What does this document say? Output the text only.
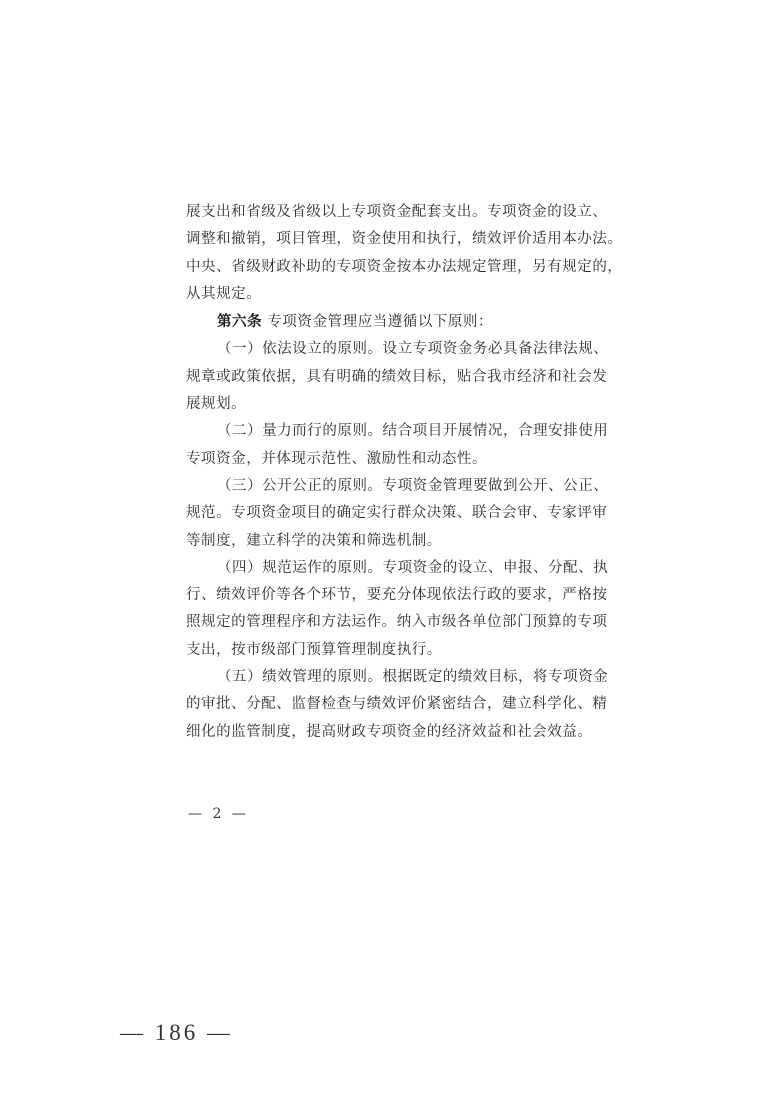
展支出和省级及省级以上专项资金配套支出。专项资金的设立、
调整和撤销，项目管理，资金使用和执行，绩效评价适用本办法。
中央、省级财政补助的专项资金按本办法规定管理，另有规定的，
从其规定。
第六条 专项资金管理应当遵循以下原则：
（一）依法设立的原则。设立专项资金务必具备法律法规、
规章或政策依据，具有明确的绩效目标，贴合我市经济和社会发
展规划。
（二）量力而行的原则。结合项目开展情况，合理安排使用
专项资金，并体现示范性、激励性和动态性。
（三）公开公正的原则。专项资金管理要做到公开、公正、
规范。专项资金项目的确定实行群众决策、联合会审、专家评审
等制度，建立科学的决策和筛选机制。
（四）规范运作的原则。专项资金的设立、申报、分配、执
行、绩效评价等各个环节，要充分体现依法行政的要求，严格按
照规定的管理程序和方法运作。纳入市级各单位部门预算的专项
支出，按市级部门预算管理制度执行。
（五）绩效管理的原则。根据既定的绩效目标，将专项资金
的审批、分配、监督检查与绩效评价紧密结合，建立科学化、精
细化的监管制度，提高财政专项资金的经济效益和社会效益。
— 2 —
— 186 —
